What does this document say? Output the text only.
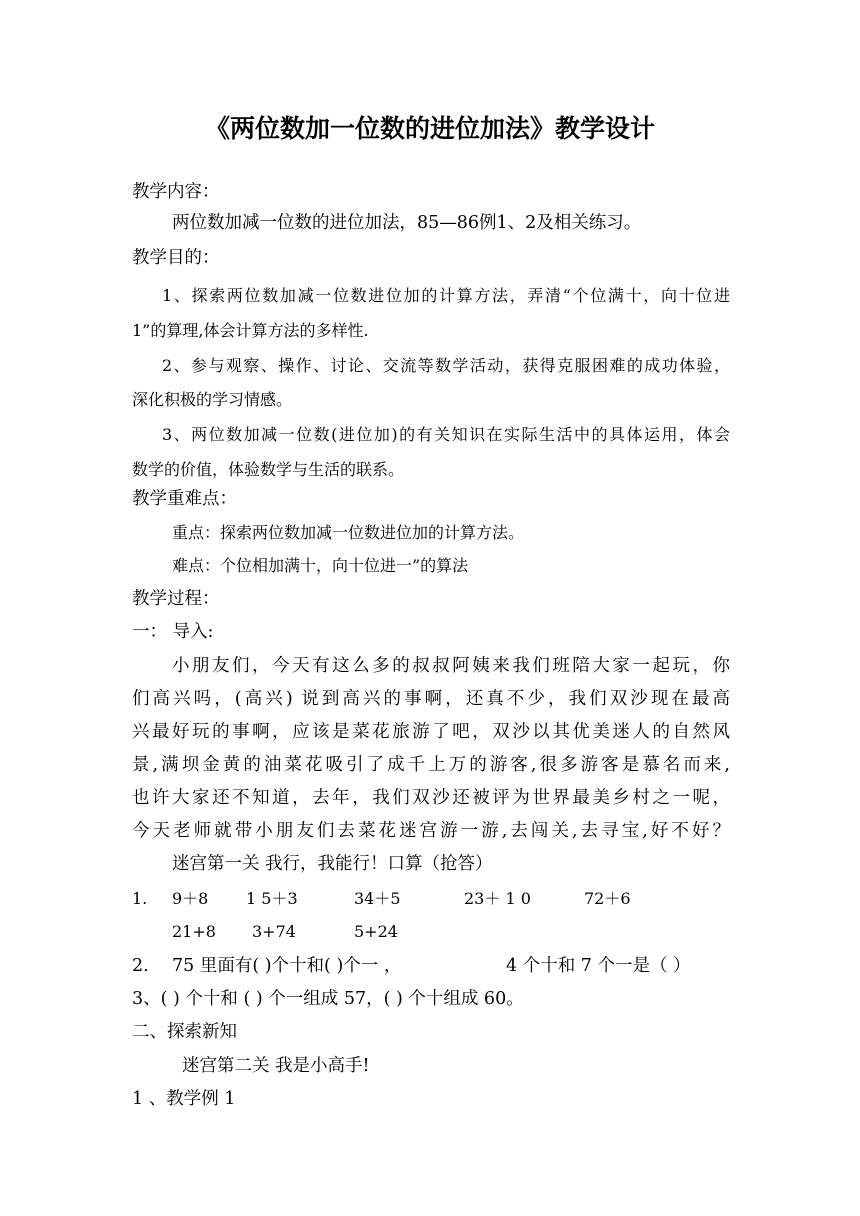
《两位数加一位数的进位加法》教学设计
教学内容：
两位数加减一位数的进位加法，85—86例1、2及相关练习。
教学目的：
1、探索两位数加减一位数进位加的计算方法，弄清“个位满十，向十位进
1”的算理,体会计算方法的多样性.
2、参与观察、操作、讨论、交流等数学活动，获得克服困难的成功体验，
深化积极的学习情感。
3、两位数加减一位数(进位加)的有关知识在实际生活中的具体运用，体会
数学的价值，体验数学与生活的联系。
教学重难点：
重点：探索两位数加减一位数进位加的计算方法。
难点：个位相加满十，向十位进一”的算法
教学过程：
一： 导入:
小朋友们，今天有这么多的叔叔阿姨来我们班陪大家一起玩，你
们高兴吗，(高兴) 说到高兴的事啊，还真不少，我们双沙现在最高
兴最好玩的事啊，应该是菜花旅游了吧，双沙以其优美迷人的自然风
景,满坝金黄的油菜花吸引了成千上万的游客,很多游客是慕名而来,
也许大家还不知道，去年，我们双沙还被评为世界最美乡村之一呢，
今天老师就带小朋友们去菜花迷宫游一游,去闯关,去寻宝,好不好？
迷宫第一关 我行，我能行！口算（抢答）
1. 9＋8 1 5＋3	34＋5	23＋ 1 0	72＋6
21+8 3+74	5+24
2. 75 里面有( )个十和( )个一 ，	4 个十和 7 个一是（ ）
3、( ) 个十和 ( ) 个一组成 57，( ) 个十组成 60。
二、探索新知
迷宫第二关 我是小高手!
1 、教学例 1
